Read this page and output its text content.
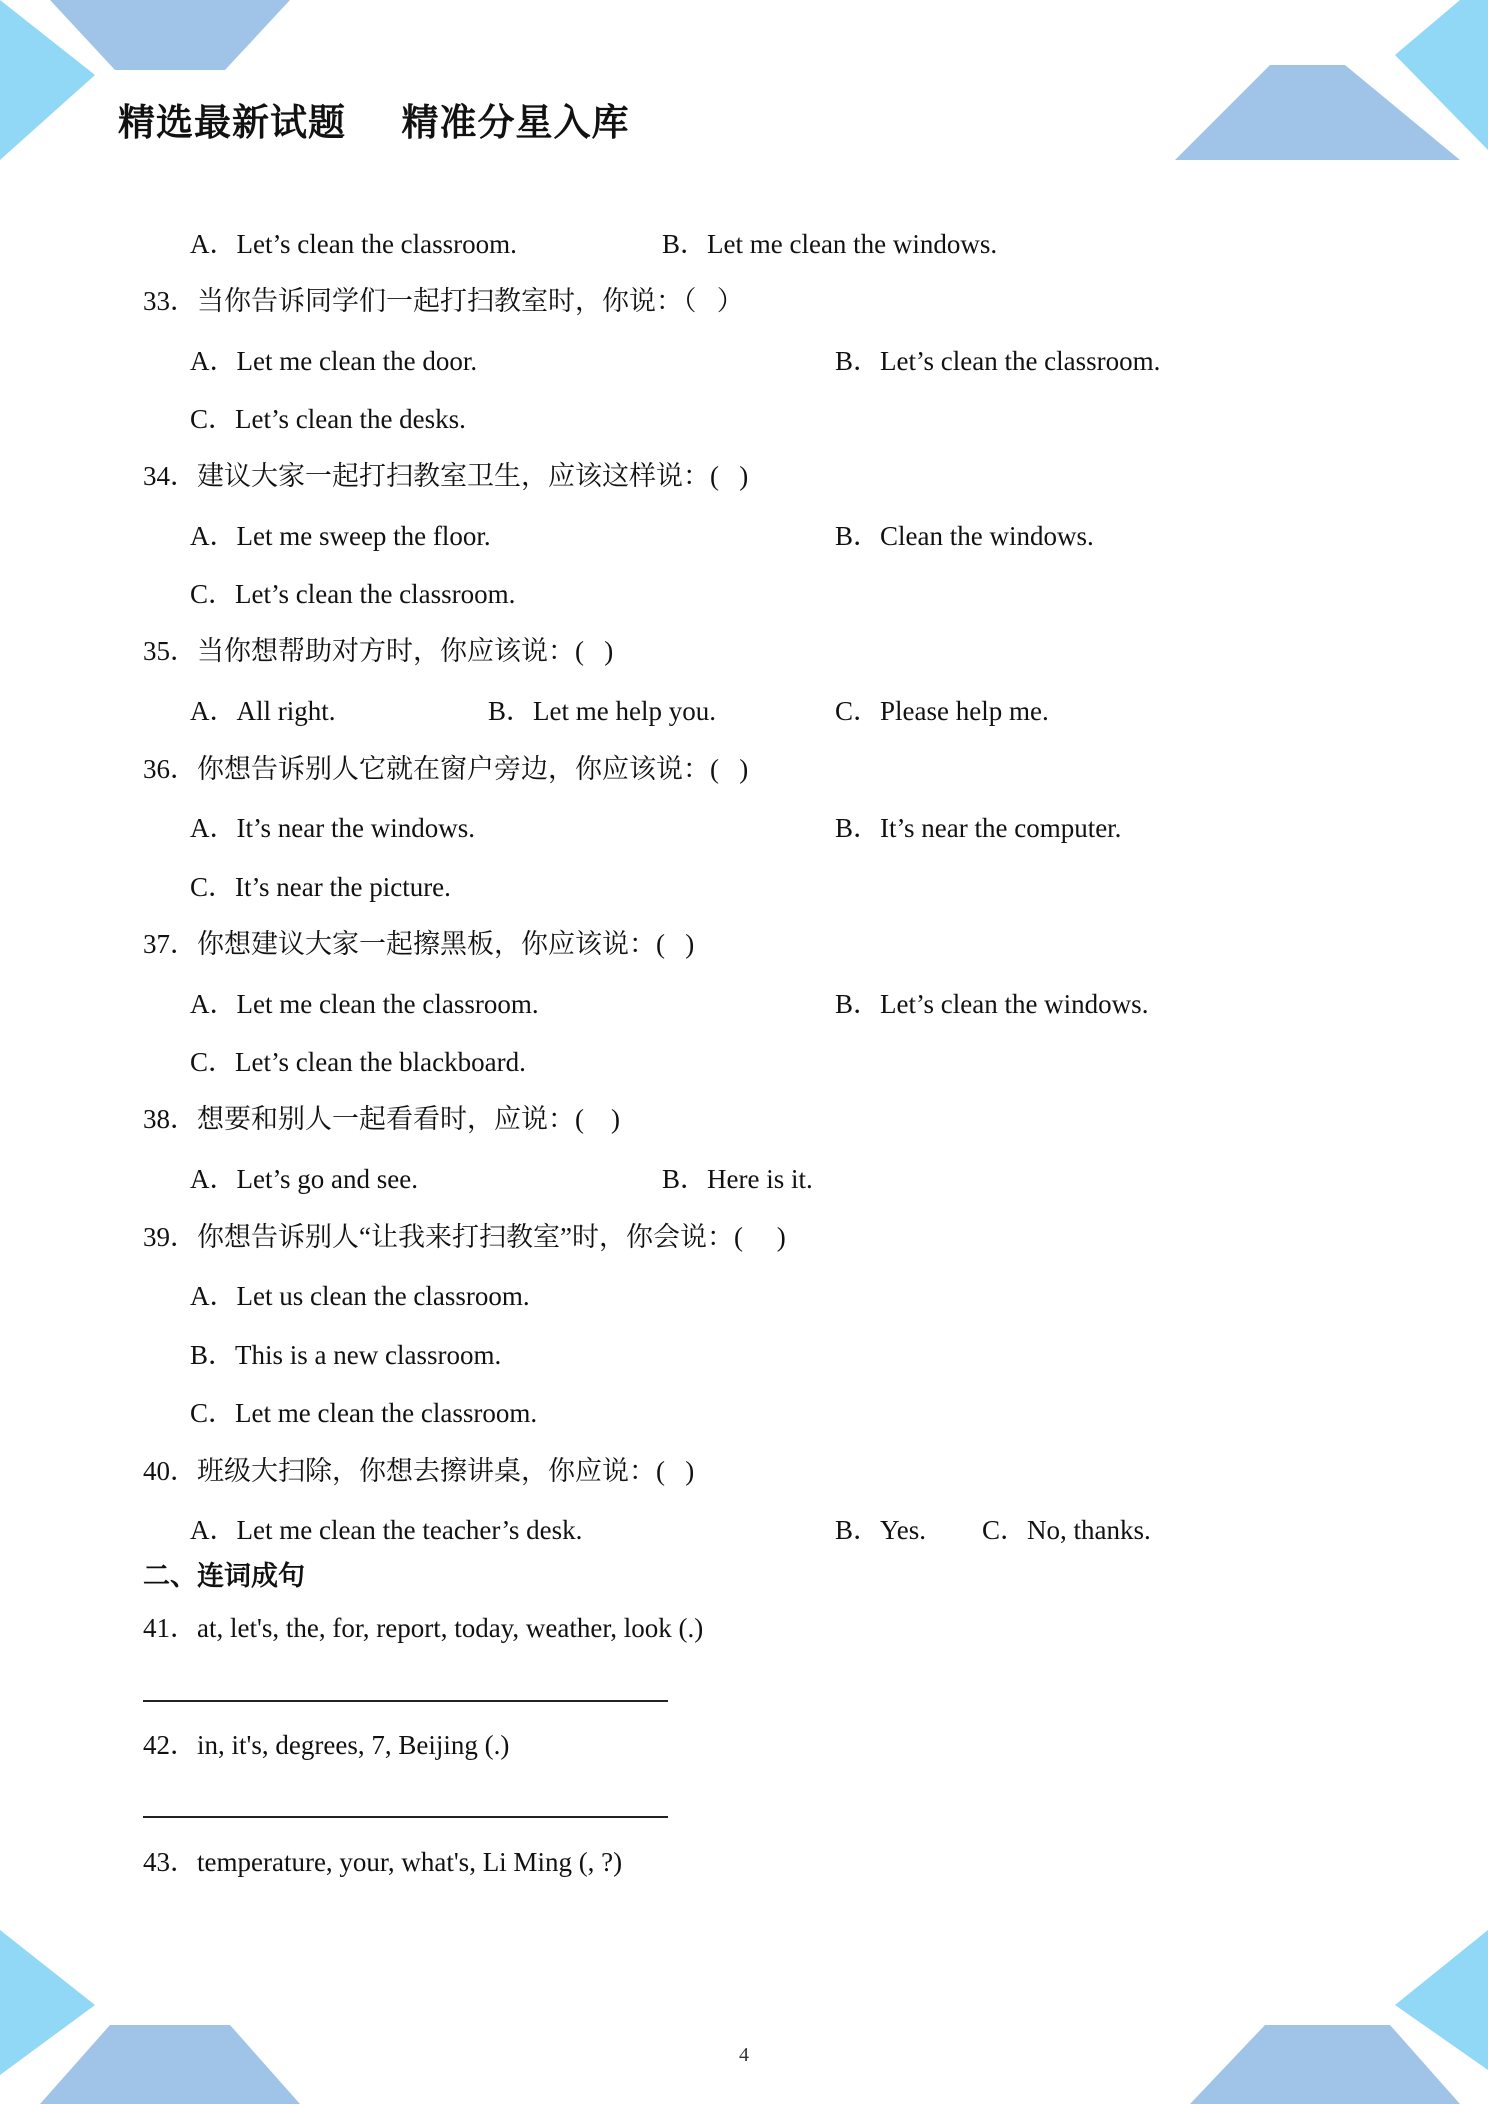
精选最新试题    精准分星入库
A．Let’s clean the classroom.	B．Let me clean the windows.
33．当你告诉同学们一起打扫教室时，你说：（   ）
A．Let me clean the door.	B．Let’s clean the classroom.
C．Let’s clean the desks.
34．建议大家一起打扫教室卫生，应该这样说：(   )
A．Let me sweep the floor.	B．Clean the windows.
C．Let’s clean the classroom.
35．当你想帮助对方时，你应该说：(   )
A．All right.	B．Let me help you.	C．Please help me.
36．你想告诉别人它就在窗户旁边，你应该说：(   )
A．It’s near the windows.	B．It’s near the computer.
C．It’s near the picture.
37．你想建议大家一起擦黑板，你应该说：(   )
A．Let me clean the classroom.	B．Let’s clean the windows.
C．Let’s clean the blackboard.
38．想要和别人一起看看时，应说：(    )
A．Let’s go and see.	B．Here is it.
39．你想告诉别人“让我来打扫教室”时，你会说：(     )
A．Let us clean the classroom.
B．This is a new classroom.
C．Let me clean the classroom.
40．班级大扫除，你想去擦讲桌，你应说：(   )
A．Let me clean the teacher’s desk.	B．Yes. C．No, thanks.
二、连词成句
41．at, let's, the, for, report, today, weather, look (.)
42．in, it's, degrees, 7, Beijing (.)
43．temperature, your, what's, Li Ming (, ?)
4
